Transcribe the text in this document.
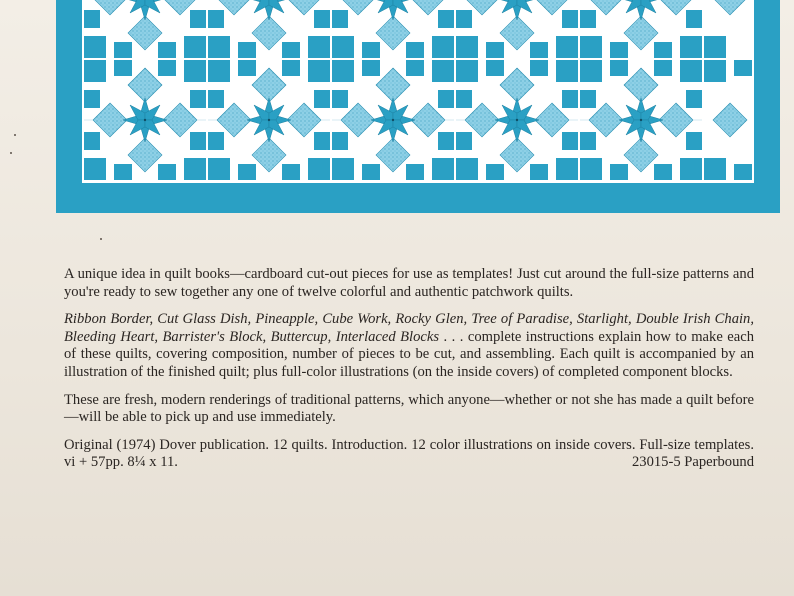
A unique idea in quilt books—cardboard cut-out pieces for use as templates! Just cut around the full-size patterns and you're ready to sew together any one of twelve colorful and authentic patchwork quilts.

Ribbon Border, Cut Glass Dish, Pineapple, Cube Work, Rocky Glen, Tree of Paradise, Starlight, Double Irish Chain, Bleeding Heart, Barrister's Block, Buttercup, Interlaced Blocks . . . complete instructions explain how to make each of these quilts, covering composition, number of pieces to be cut, and assembling. Each quilt is accompanied by an illustration of the finished quilt; plus full-color illustrations (on the inside covers) of completed component blocks.

These are fresh, modern renderings of traditional patterns, which anyone—whether or not she has made a quilt before—will be able to pick up and use immediately.

Original (1974) Dover publication. 12 quilts. Introduction. 12 color illustrations on inside covers. Full-size templates. vi + 57pp. 8¼ x 11.	23015-5 Paperbound
